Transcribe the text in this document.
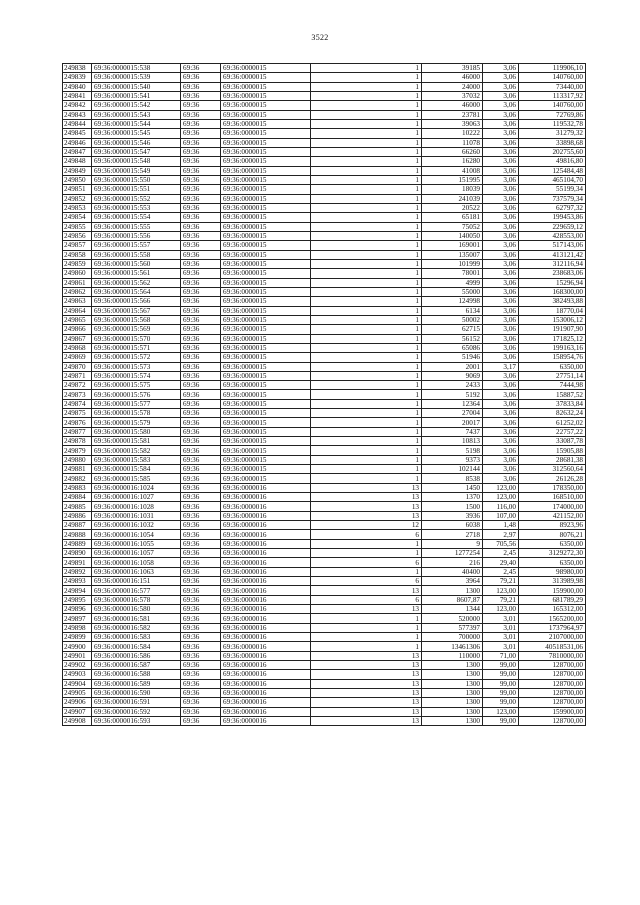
3522
249838	69:36:0000015:538	69:36	69:36:0000015	1	39185	3,06	119906,10
249839	69:36:0000015:539	69:36	69:36:0000015	1	46000	3,06	140760,00
249840	69:36:0000015:540	69:36	69:36:0000015	1	24000	3,06	73440,00
249841	69:36:0000015:541	69:36	69:36:0000015	1	37032	3,06	113317,92
249842	69:36:0000015:542	69:36	69:36:0000015	1	46000	3,06	140760,00
249843	69:36:0000015:543	69:36	69:36:0000015	1	23781	3,06	72769,86
249844	69:36:0000015:544	69:36	69:36:0000015	1	39063	3,06	119532,78
249845	69:36:0000015:545	69:36	69:36:0000015	1	10222	3,06	31279,32
249846	69:36:0000015:546	69:36	69:36:0000015	1	11078	3,06	33898,68
249847	69:36:0000015:547	69:36	69:36:0000015	1	66260	3,06	202755,60
249848	69:36:0000015:548	69:36	69:36:0000015	1	16280	3,06	49816,80
249849	69:36:0000015:549	69:36	69:36:0000015	1	41008	3,06	125484,48
249850	69:36:0000015:550	69:36	69:36:0000015	1	151995	3,06	465104,70
249851	69:36:0000015:551	69:36	69:36:0000015	1	18039	3,06	55199,34
249852	69:36:0000015:552	69:36	69:36:0000015	1	241039	3,06	737579,34
249853	69:36:0000015:553	69:36	69:36:0000015	1	20522	3,06	62797,32
249854	69:36:0000015:554	69:36	69:36:0000015	1	65181	3,06	199453,86
249855	69:36:0000015:555	69:36	69:36:0000015	1	75052	3,06	229659,12
249856	69:36:0000015:556	69:36	69:36:0000015	1	140050	3,06	428553,00
249857	69:36:0000015:557	69:36	69:36:0000015	1	169001	3,06	517143,06
249858	69:36:0000015:558	69:36	69:36:0000015	1	135007	3,06	413121,42
249859	69:36:0000015:560	69:36	69:36:0000015	1	101999	3,06	312116,94
249860	69:36:0000015:561	69:36	69:36:0000015	1	78001	3,06	238683,06
249861	69:36:0000015:562	69:36	69:36:0000015	1	4999	3,06	15296,94
249862	69:36:0000015:564	69:36	69:36:0000015	1	55000	3,06	168300,00
249863	69:36:0000015:566	69:36	69:36:0000015	1	124998	3,06	382493,88
249864	69:36:0000015:567	69:36	69:36:0000015	1	6134	3,06	18770,04
249865	69:36:0000015:568	69:36	69:36:0000015	1	50002	3,06	153006,12
249866	69:36:0000015:569	69:36	69:36:0000015	1	62715	3,06	191907,90
249867	69:36:0000015:570	69:36	69:36:0000015	1	56152	3,06	171825,12
249868	69:36:0000015:571	69:36	69:36:0000015	1	65086	3,06	199163,16
249869	69:36:0000015:572	69:36	69:36:0000015	1	51946	3,06	158954,76
249870	69:36:0000015:573	69:36	69:36:0000015	1	2001	3,17	6350,00
249871	69:36:0000015:574	69:36	69:36:0000015	1	9069	3,06	27751,14
249872	69:36:0000015:575	69:36	69:36:0000015	1	2433	3,06	7444,98
249873	69:36:0000015:576	69:36	69:36:0000015	1	5192	3,06	15887,52
249874	69:36:0000015:577	69:36	69:36:0000015	1	12364	3,06	37833,84
249875	69:36:0000015:578	69:36	69:36:0000015	1	27004	3,06	82632,24
249876	69:36:0000015:579	69:36	69:36:0000015	1	20017	3,06	61252,02
249877	69:36:0000015:580	69:36	69:36:0000015	1	7437	3,06	22757,22
249878	69:36:0000015:581	69:36	69:36:0000015	1	10813	3,06	33087,78
249879	69:36:0000015:582	69:36	69:36:0000015	1	5198	3,06	15905,88
249880	69:36:0000015:583	69:36	69:36:0000015	1	9373	3,06	28681,38
249881	69:36:0000015:584	69:36	69:36:0000015	1	102144	3,06	312560,64
249882	69:36:0000015:585	69:36	69:36:0000015	1	8538	3,06	26126,28
249883	69:36:0000016:1024	69:36	69:36:0000016	13	1450	123,00	178350,00
249884	69:36:0000016:1027	69:36	69:36:0000016	13	1370	123,00	168510,00
249885	69:36:0000016:1028	69:36	69:36:0000016	13	1500	116,00	174000,00
249886	69:36:0000016:1031	69:36	69:36:0000016	13	3936	107,00	421152,00
249887	69:36:0000016:1032	69:36	69:36:0000016	12	6038	1,48	8923,96
249888	69:36:0000016:1054	69:36	69:36:0000016	6	2718	2,97	8076,21
249889	69:36:0000016:1055	69:36	69:36:0000016	1	9	705,56	6350,00
249890	69:36:0000016:1057	69:36	69:36:0000016	1	1277254	2,45	3129272,30
249891	69:36:0000016:1058	69:36	69:36:0000016	6	216	29,40	6350,00
249892	69:36:0000016:1063	69:36	69:36:0000016	1	40400	2,45	98980,00
249893	69:36:0000016:151	69:36	69:36:0000016	6	3964	79,21	313989,98
249894	69:36:0000016:577	69:36	69:36:0000016	13	1300	123,00	159900,00
249895	69:36:0000016:578	69:36	69:36:0000016	6	8607,87	79,21	681789,29
249896	69:36:0000016:580	69:36	69:36:0000016	13	1344	123,00	165312,00
249897	69:36:0000016:581	69:36	69:36:0000016	1	520000	3,01	1565200,00
249898	69:36:0000016:582	69:36	69:36:0000016	1	577397	3,01	1737964,97
249899	69:36:0000016:583	69:36	69:36:0000016	1	700000	3,01	2107000,00
249900	69:36:0000016:584	69:36	69:36:0000016	1	13461306	3,01	40518531,06
249901	69:36:0000016:586	69:36	69:36:0000016	13	110000	71,00	7810000,00
249902	69:36:0000016:587	69:36	69:36:0000016	13	1300	99,00	128700,00
249903	69:36:0000016:588	69:36	69:36:0000016	13	1300	99,00	128700,00
249904	69:36:0000016:589	69:36	69:36:0000016	13	1300	99,00	128700,00
249905	69:36:0000016:590	69:36	69:36:0000016	13	1300	99,00	128700,00
249906	69:36:0000016:591	69:36	69:36:0000016	13	1300	99,00	128700,00
249907	69:36:0000016:592	69:36	69:36:0000016	13	1300	123,00	159900,00
249908	69:36:0000016:593	69:36	69:36:0000016	13	1300	99,00	128700,00
